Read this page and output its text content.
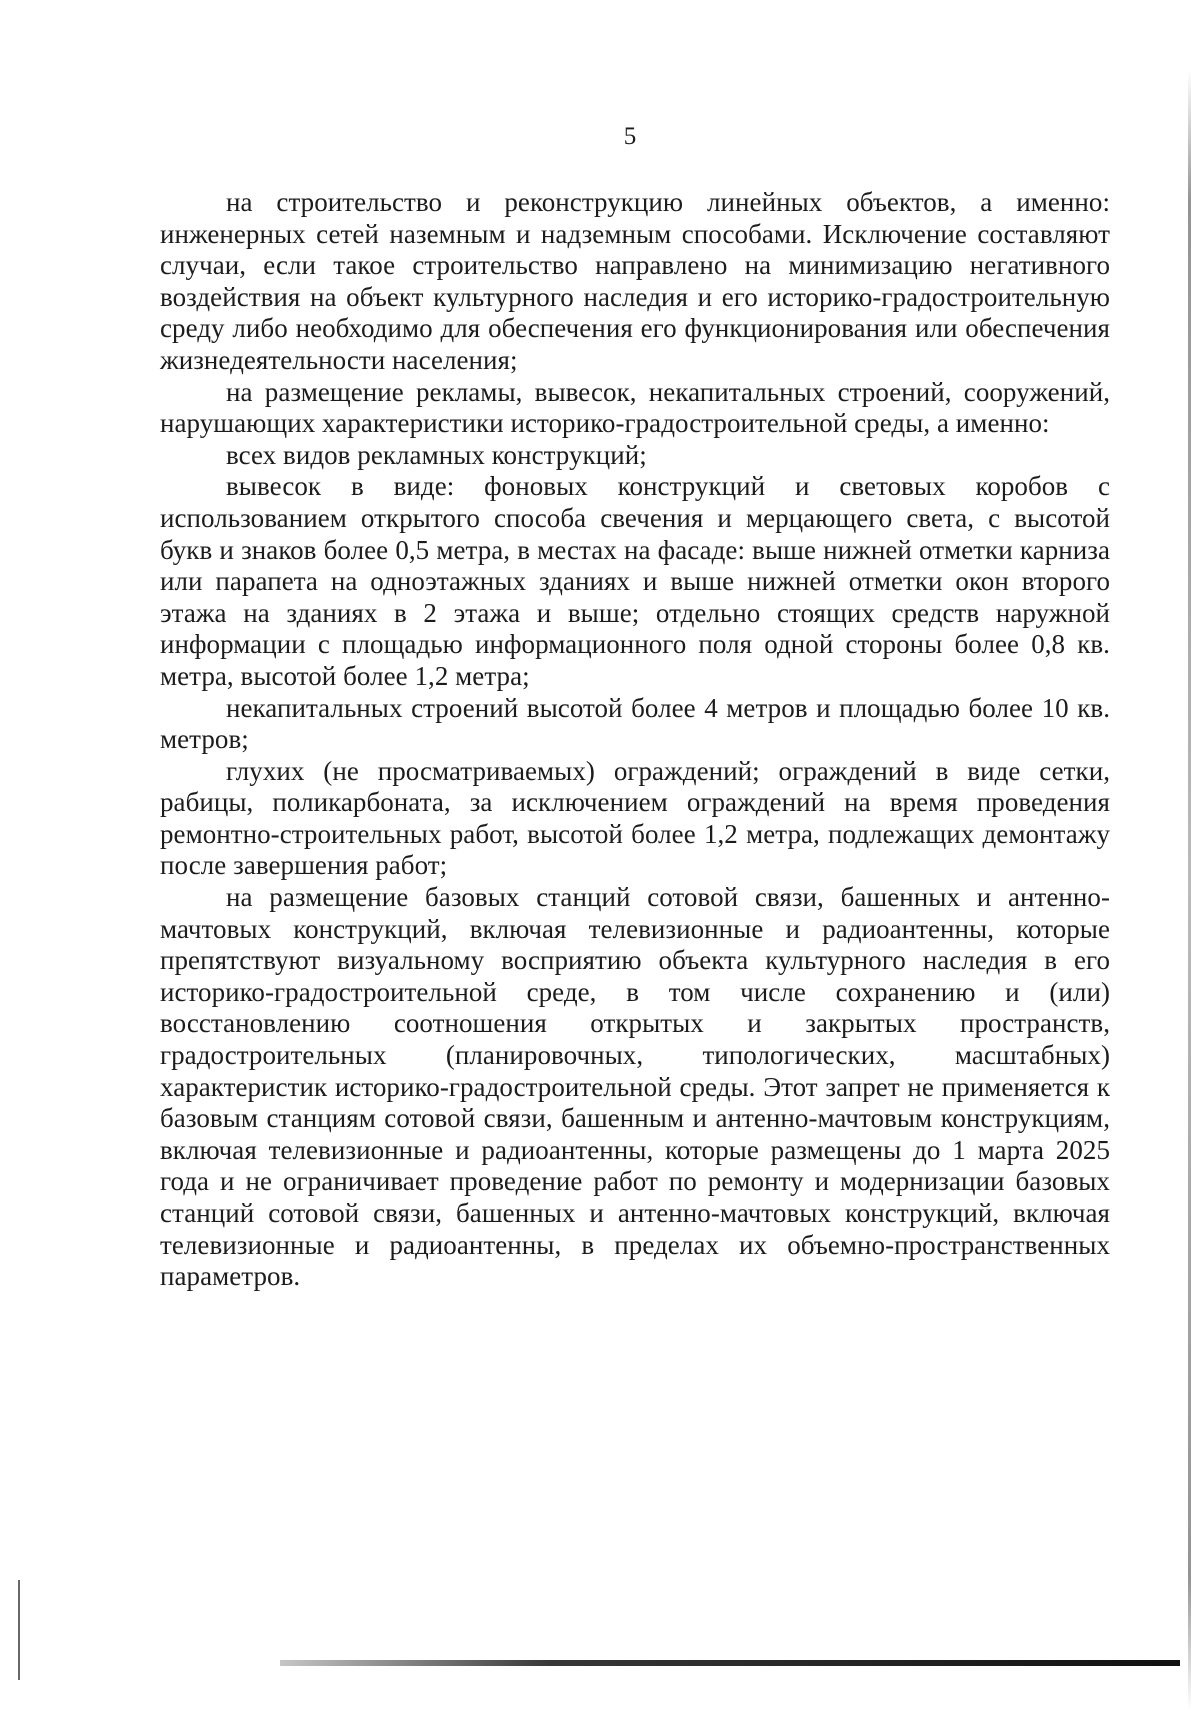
5

на строительство и реконструкцию линейных объектов, а именно: инженерных сетей наземным и надземным способами. Исключение составляют случаи, если такое строительство направлено на минимизацию негативного воздействия на объект культурного наследия и его историко-градостроительную среду либо необходимо для обеспечения его функционирования или обеспечения жизнедеятельности населения;

на размещение рекламы, вывесок, некапитальных строений, сооружений, нарушающих характеристики историко-градостроительной среды, а именно:

всех видов рекламных конструкций;

вывесок в виде: фоновых конструкций и световых коробов с использованием открытого способа свечения и мерцающего света, с высотой букв и знаков более 0,5 метра, в местах на фасаде: выше нижней отметки карниза или парапета на одноэтажных зданиях и выше нижней отметки окон второго этажа на зданиях в 2 этажа и выше; отдельно стоящих средств наружной информации с площадью информационного поля одной стороны более 0,8 кв. метра, высотой более 1,2 метра;

некапитальных строений высотой более 4 метров и площадью более 10 кв. метров;

глухих (не просматриваемых) ограждений; ограждений в виде сетки, рабицы, поликарбоната, за исключением ограждений на время проведения ремонтно-строительных работ, высотой более 1,2 метра, подлежащих демонтажу после завершения работ;

на размещение базовых станций сотовой связи, башенных и антенно-мачтовых конструкций, включая телевизионные и радиоантенны, которые препятствуют визуальному восприятию объекта культурного наследия в его историко-градостроительной среде, в том числе сохранению и (или) восстановлению соотношения открытых и закрытых пространств, градостроительных (планировочных, типологических, масштабных) характеристик историко-градостроительной среды. Этот запрет не применяется к базовым станциям сотовой связи, башенным и антенно-мачтовым конструкциям, включая телевизионные и радиоантенны, которые размещены до 1 марта 2025 года и не ограничивает проведение работ по ремонту и модернизации базовых станций сотовой связи, башенных и антенно-мачтовых конструкций, включая телевизионные и радиоантенны, в пределах их объемно-пространственных параметров.
